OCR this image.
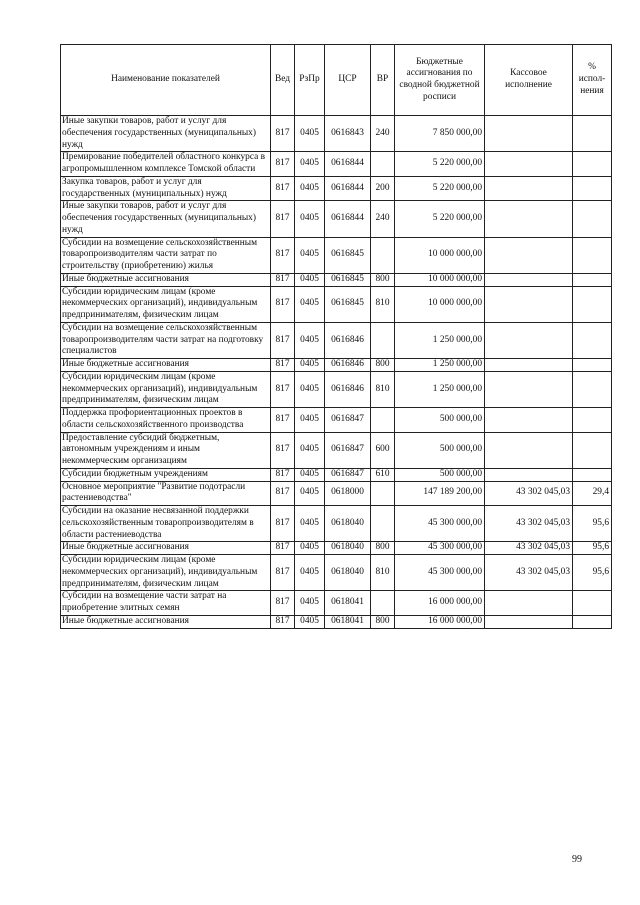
Наименование показателей	Вед	РзПр	ЦСР	ВР	Бюджетные ассигнования по сводной бюджетной росписи	Кассовое исполнение	% испол-нения
Иные закупки товаров, работ и услуг для обеспечения государственных (муниципальных) нужд	817	0405	0616843	240	7 850 000,00		
Премирование победителей областного конкурса в агропромышленном комплексе Томской области	817	0405	0616844		5 220 000,00		
Закупка товаров, работ и услуг для государственных (муниципальных) нужд	817	0405	0616844	200	5 220 000,00		
Иные закупки товаров, работ и услуг для обеспечения государственных (муниципальных) нужд	817	0405	0616844	240	5 220 000,00		
Субсидии на возмещение сельскохозяйственным товаропроизводителям части затрат по строительству (приобретению) жилья	817	0405	0616845		10 000 000,00		
Иные бюджетные ассигнования	817	0405	0616845	800	10 000 000,00		
Субсидии юридическим лицам (кроме некоммерческих организаций), индивидуальным предпринимателям, физическим лицам	817	0405	0616845	810	10 000 000,00		
Субсидии на возмещение сельскохозяйственным товаропроизводителям части затрат на подготовку специалистов	817	0405	0616846		1 250 000,00		
Иные бюджетные ассигнования	817	0405	0616846	800	1 250 000,00		
Субсидии юридическим лицам (кроме некоммерческих организаций), индивидуальным предпринимателям, физическим лицам	817	0405	0616846	810	1 250 000,00		
Поддержка профориентационных проектов в области сельскохозяйственного производства	817	0405	0616847		500 000,00		
Предоставление субсидий бюджетным, автономным учреждениям и иным некоммерческим организациям	817	0405	0616847	600	500 000,00		
Субсидии бюджетным учреждениям	817	0405	0616847	610	500 000,00		
Основное мероприятие "Развитие подотрасли растениеводства"	817	0405	0618000		147 189 200,00	43 302 045,03	29,4
Субсидии на оказание несвязанной поддержки сельскохозяйственным товаропроизводителям в области растениеводства	817	0405	0618040		45 300 000,00	43 302 045,03	95,6
Иные бюджетные ассигнования	817	0405	0618040	800	45 300 000,00	43 302 045,03	95,6
Субсидии юридическим лицам (кроме некоммерческих организаций), индивидуальным предпринимателям, физическим лицам	817	0405	0618040	810	45 300 000,00	43 302 045,03	95,6
Субсидии на возмещение части затрат на приобретение элитных семян	817	0405	0618041		16 000 000,00		
Иные бюджетные ассигнования	817	0405	0618041	800	16 000 000,00		
99
